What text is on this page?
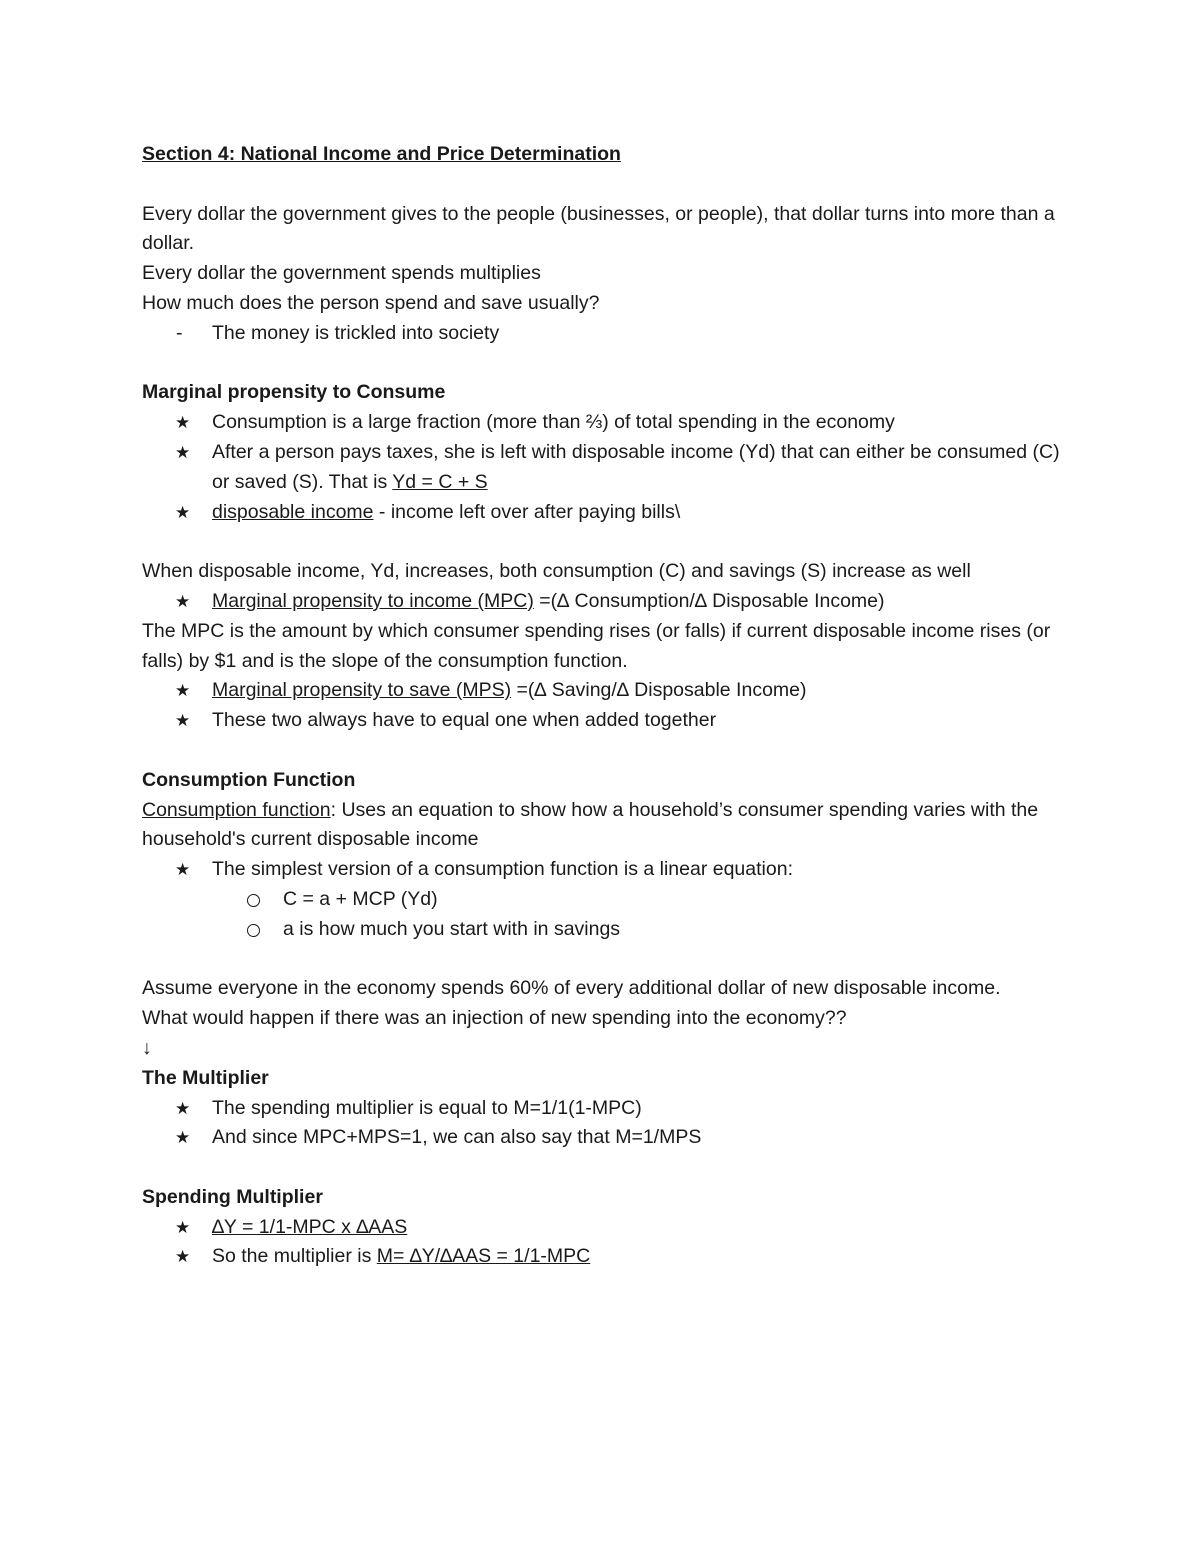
Section 4: National Income and Price Determination
Every dollar the government gives to the people (businesses, or people), that dollar turns into more than a dollar.
Every dollar the government spends multiplies
How much does the person spend and save usually?
- The money is trickled into society
Marginal propensity to Consume
★ Consumption is a large fraction (more than ⅔) of total spending in the economy
★ After a person pays taxes, she is left with disposable income (Yd) that can either be consumed (C) or saved (S). That is Yd = C + S
★ disposable income - income left over after paying bills\
When disposable income, Yd, increases, both consumption (C) and savings (S) increase as well
★ Marginal propensity to income (MPC) =(∆ Consumption/∆ Disposable Income)
The MPC is the amount by which consumer spending rises (or falls) if current disposable income rises (or falls) by $1 and is the slope of the consumption function.
★ Marginal propensity to save (MPS) =(∆ Saving/∆ Disposable Income)
★ These two always have to equal one when added together
Consumption Function
Consumption function: Uses an equation to show how a household’s consumer spending varies with the household's current disposable income
★ The simplest version of a consumption function is a linear equation:
C = a + MCP (Yd)
a is how much you start with in savings
Assume everyone in the economy spends 60% of every additional dollar of new disposable income.
What would happen if there was an injection of new spending into the economy??
↓
The Multiplier
★ The spending multiplier is equal to M=1/1(1-MPC)
★ And since MPC+MPS=1, we can also say that M=1/MPS
Spending Multiplier
★ ∆Y = 1/1-MPC x ∆AAS
★ So the multiplier is M= ∆Y/∆AAS = 1/1-MPC
